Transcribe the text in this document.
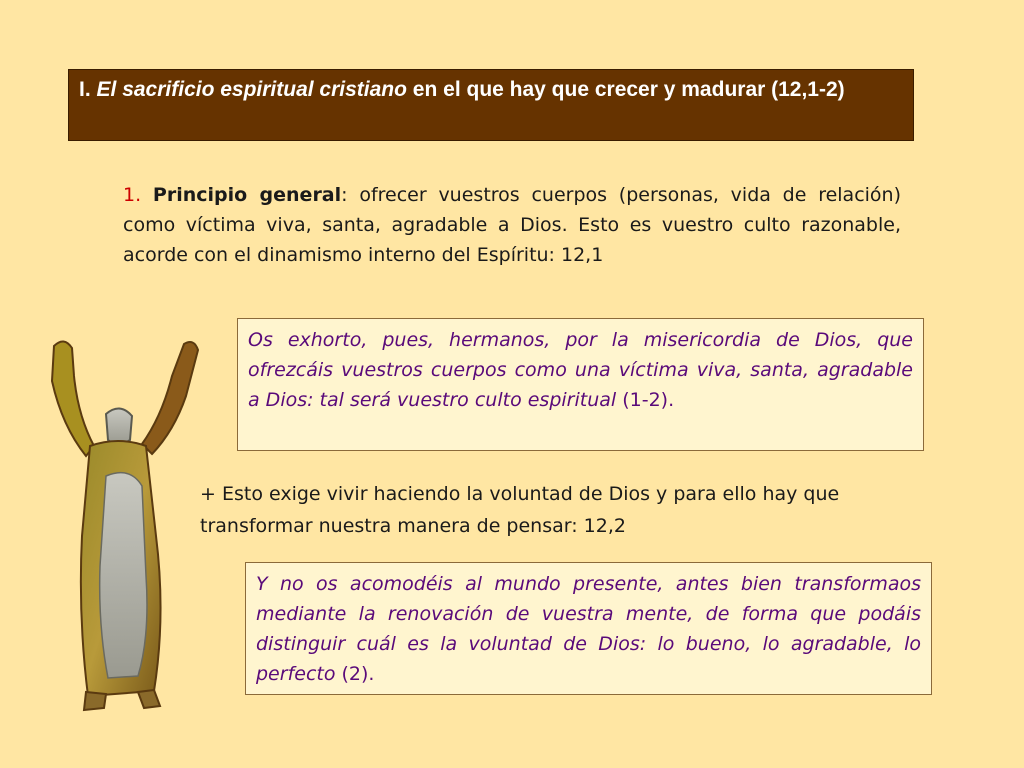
I. El sacrificio espiritual cristiano en el que hay que crecer y madurar (12,1-2)
1. Principio general: ofrecer vuestros cuerpos (personas, vida de relación) como víctima viva, santa, agradable a Dios. Esto es vuestro culto razonable, acorde con el dinamismo interno del Espíritu: 12,1
Os exhorto, pues, hermanos, por la misericordia de Dios, que ofrezcáis vuestros cuerpos como una víctima viva, santa, agradable a Dios: tal será vuestro culto espiritual (1-2).
+ Esto exige vivir haciendo la voluntad de Dios y para ello hay que transformar nuestra manera de pensar: 12,2
Y no os acomodéis al mundo presente, antes bien transformaos mediante la renovación de vuestra mente, de forma que podáis distinguir cuál es la voluntad de Dios: lo bueno, lo agradable, lo perfecto (2).
